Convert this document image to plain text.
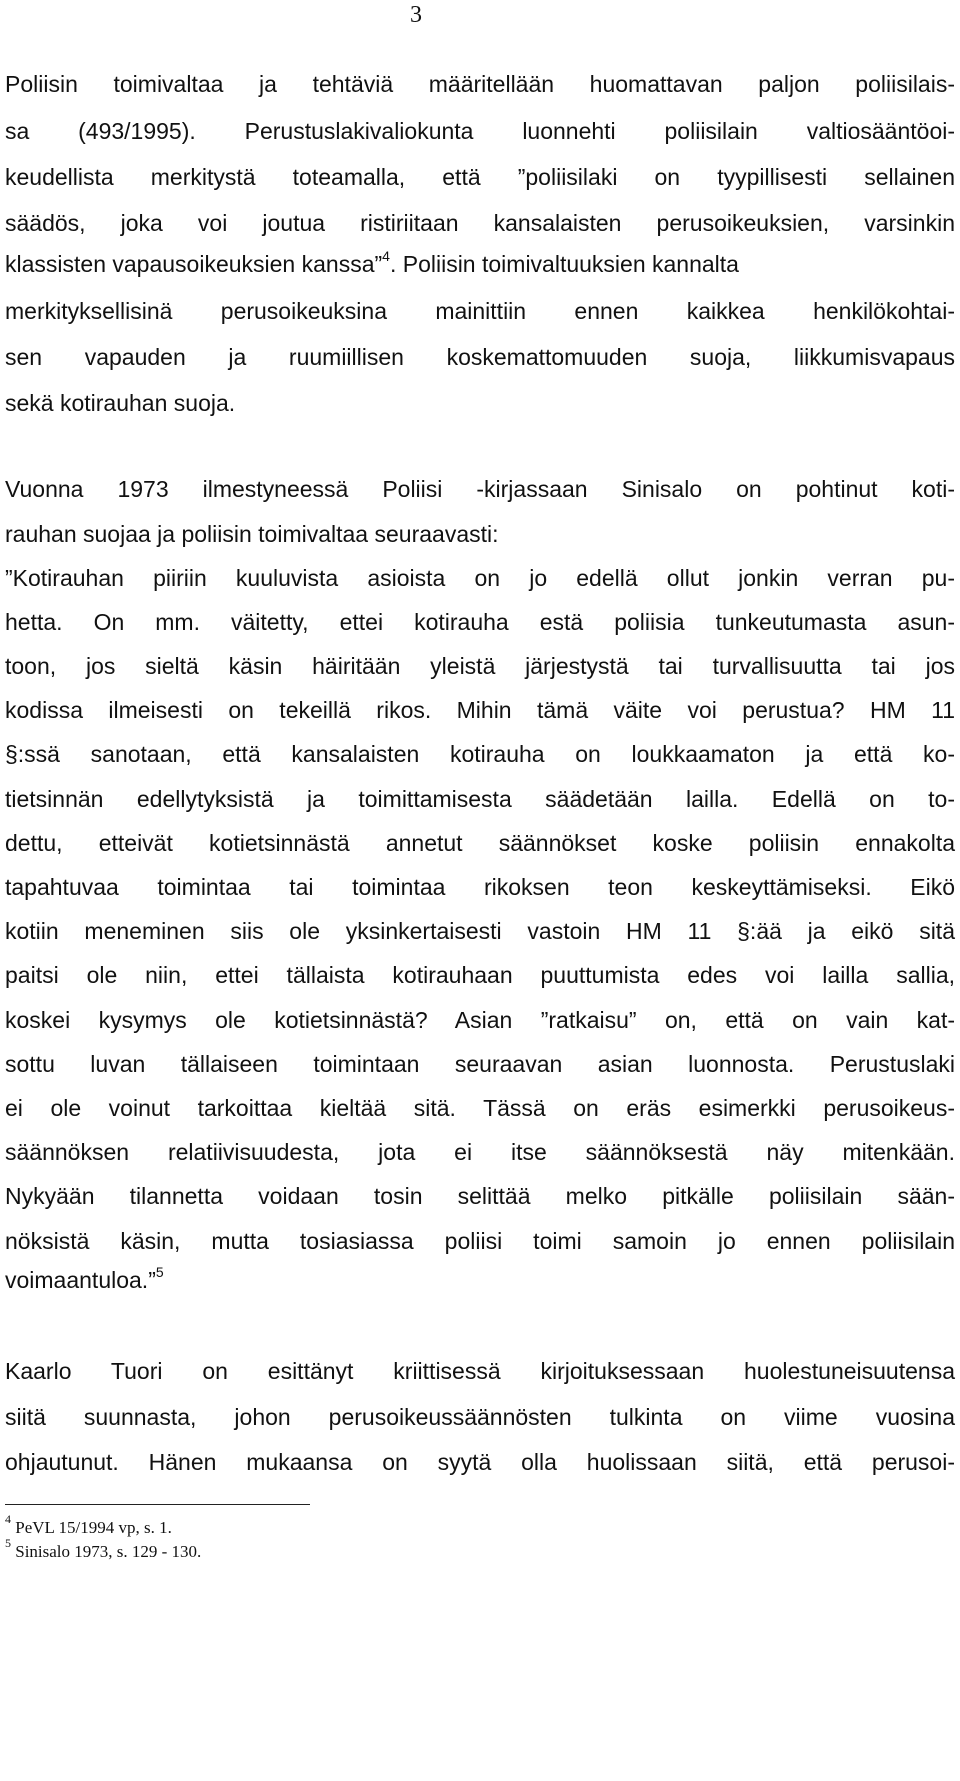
3

Poliisin toimivaltaa ja tehtäviä määritellään huomattavan paljon poliisilais-

sa (493/1995). Perustuslakivaliokunta luonnehti poliisilain valtiosääntöoi-

keudellista merkitystä toteamalla, että ”poliisilaki on tyypillisesti sellainen

säädös, joka voi joutua ristiriitaan kansalaisten perusoikeuksien, varsinkin

klassisten vapausoikeuksien kanssa”$^4$. Poliisin toimivaltuuksien kannalta

merkityksellisinä perusoikeuksina mainittiin ennen kaikkea henkilökohtai-

sen vapauden ja ruumiillisen koskemattomuuden suoja, liikkumisvapaus

sekä kotirauhan suoja.

Vuonna 1973 ilmestyneessä Poliisi -kirjassaan Sinisalo on pohtinut koti-

rauhan suojaa ja poliisin toimivaltaa seuraavasti:

”Kotirauhan piiriin kuuluvista asioista on jo edellä ollut jonkin verran pu-

hetta. On mm. väitetty, ettei kotirauha estä poliisia tunkeutumasta asun-

toon, jos sieltä käsin häiritään yleistä järjestystä tai turvallisuutta tai jos

kodissa ilmeisesti on tekeillä rikos. Mihin tämä väite voi perustua? HM 11

§:ssä sanotaan, että kansalaisten kotirauha on loukkaamaton ja että ko-

tietsinnän edellytyksistä ja toimittamisesta säädetään lailla. Edellä on to-

dettu, etteivät kotietsinnästä annetut säännökset koske poliisin ennakolta

tapahtuvaa toimintaa tai toimintaa rikoksen teon keskeyttämiseksi. Eikö

kotiin meneminen siis ole yksinkertaisesti vastoin HM 11 §:ää ja eikö sitä

paitsi ole niin, ettei tällaista kotirauhaan puuttumista edes voi lailla sallia,

koskei kysymys ole kotietsinnästä? Asian ”ratkaisu” on, että on vain kat-

sottu luvan tällaiseen toimintaan seuraavan asian luonnosta. Perustuslaki

ei ole voinut tarkoittaa kieltää sitä. Tässä on eräs esimerkki perusoikeus-

säännöksen relatiivisuudesta, jota ei itse säännöksestä näy mitenkään.

Nykyään tilannetta voidaan tosin selittää melko pitkälle poliisilain sään-

nöksistä käsin, mutta tosiasiassa poliisi toimi samoin jo ennen poliisilain

voimaantuloa.”$^5$

Kaarlo Tuori on esittänyt kriittisessä kirjoituksessaan huolestuneisuutensa

siitä suunnasta, johon perusoikeussäännösten tulkinta on viime vuosina

ohjautunut. Hänen mukaansa on syytä olla huolissaan siitä, että perusoi-

$^4$ PeVL 15/1994 vp, s. 1.

$^5$ Sinisalo 1973, s. 129 - 130.
